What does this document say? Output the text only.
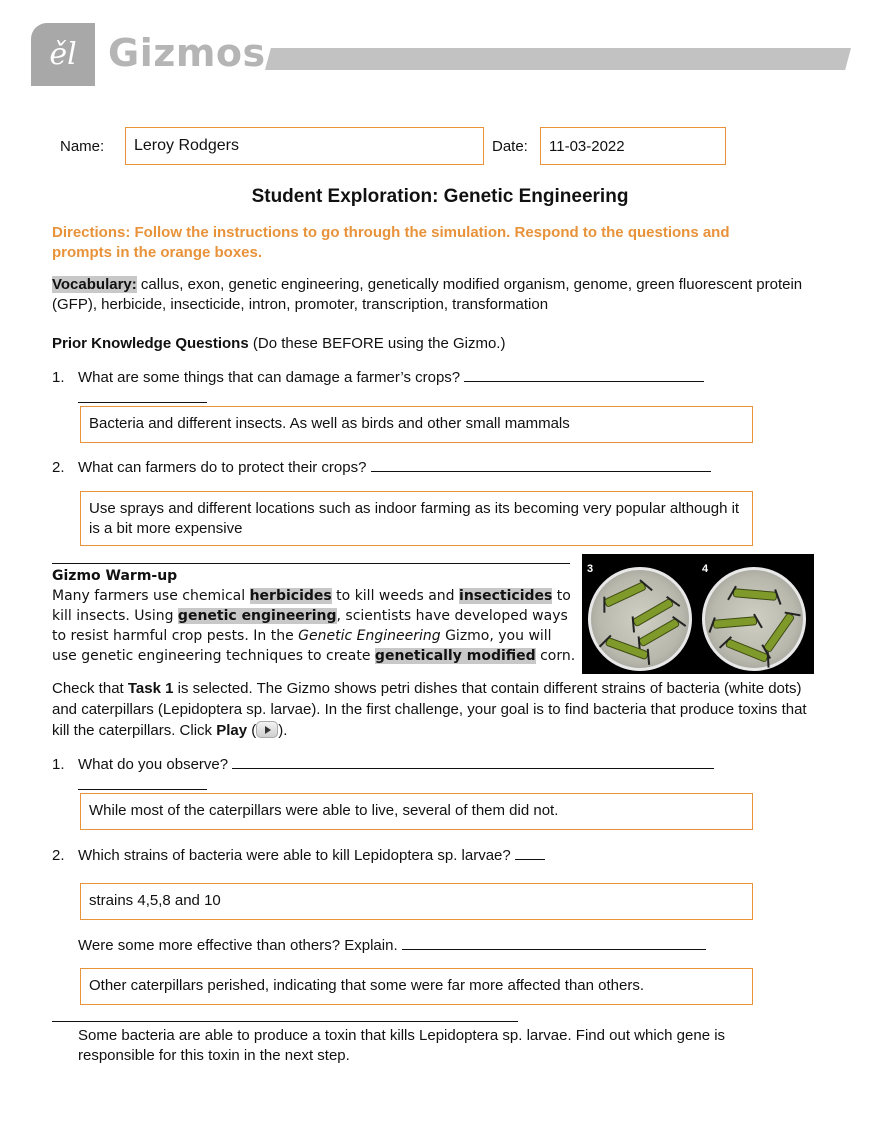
ěl Gizmos
Name: Leroy Rodgers	Date: 11-03-2022
Student Exploration: Genetic Engineering
Directions: Follow the instructions to go through the simulation. Respond to the questions and prompts in the orange boxes.
Vocabulary: callus, exon, genetic engineering, genetically modified organism, genome, green fluorescent protein (GFP), herbicide, insecticide, intron, promoter, transcription, transformation
Prior Knowledge Questions (Do these BEFORE using the Gizmo.)
1. What are some things that can damage a farmer’s crops?
Bacteria and different insects. As well as birds and other small mammals
2. What can farmers do to protect their crops?
Use sprays and different locations such as indoor farming as its becoming very popular although it is a bit more expensive
Gizmo Warm-up
Many farmers use chemical herbicides to kill weeds and insecticides to kill insects. Using genetic engineering, scientists have developed ways to resist harmful crop pests. In the Genetic Engineering Gizmo, you will use genetic engineering techniques to create genetically modified corn.
3	4
Check that Task 1 is selected. The Gizmo shows petri dishes that contain different strains of bacteria (white dots) and caterpillars (Lepidoptera sp. larvae). In the first challenge, your goal is to find bacteria that produce toxins that kill the caterpillars. Click Play ( ).
1. What do you observe?
While most of the caterpillars were able to live, several of them did not.
2. Which strains of bacteria were able to kill Lepidoptera sp. larvae?
strains 4,5,8 and 10
Were some more effective than others? Explain.
Other caterpillars perished, indicating that some were far more affected than others.
Some bacteria are able to produce a toxin that kills Lepidoptera sp. larvae. Find out which gene is responsible for this toxin in the next step.
